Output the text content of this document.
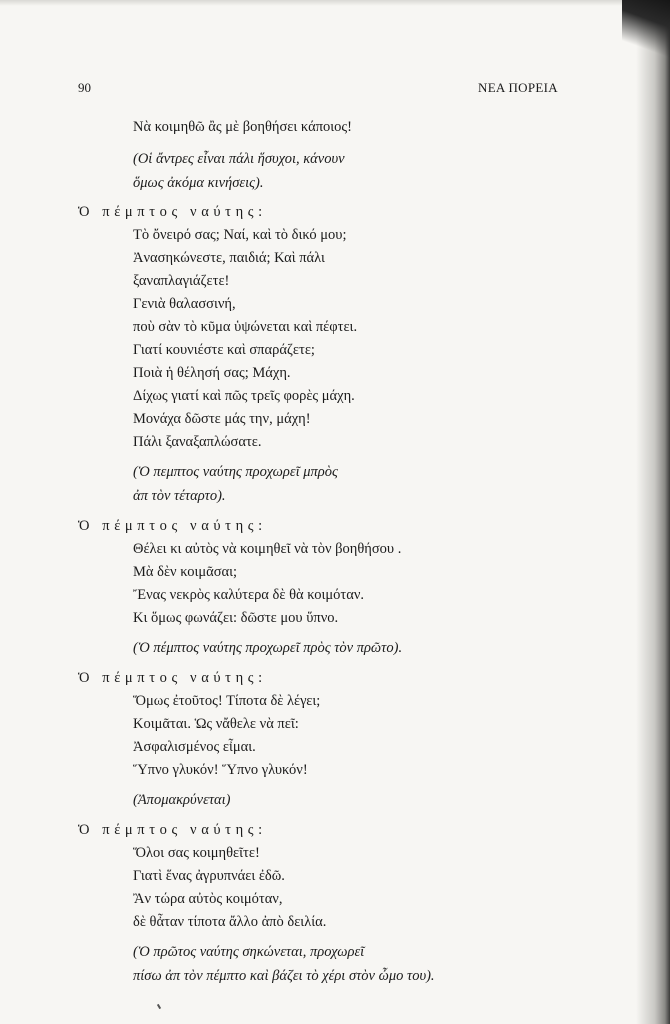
90	ΝΕΑ ΠΟΡΕΙΑ
Νὰ κοιμηθῶ ἂς μὲ βοηθήσει κάποιος!
(Οἱ ἄντρες εἶναι πάλι ἥσυχοι, κάνουν
ὅμως ἀκόμα κινήσεις).
Ὁ πέμπτος ναύτης:
Τὸ ὄνειρό σας; Ναί, καὶ τὸ δικό μου;
Ἀνασηκώνεστε, παιδιά; Καὶ πάλι
ξαναπλαγιάζετε!
Γενιὰ θαλασσινή,
ποὺ σὰν τὸ κῦμα ὑψώνεται καὶ πέφτει.
Γιατί κουνιέστε καὶ σπαράζετε;
Ποιὰ ἡ θέλησή σας; Μάχη.
Δίχως γιατί καὶ πῶς τρεῖς φορὲς μάχη.
Μονάχα δῶστε μάς την, μάχη!
Πάλι ξαναξαπλώσατε.
(Ὁ πεμπτος ναύτης προχωρεῖ μπρὸς
ἀπ τὸν τέταρτο).
Ὁ πέμπτος ναύτης:
Θέλει κι αὐτὸς νὰ κοιμηθεῖ νὰ τὸν βοηθήσου .
Μὰ δὲν κοιμᾶσαι;
Ἔνας νεκρὸς καλύτερα δὲ θὰ κοιμόταν.
Κι ὅμως φωνάζει: δῶστε μου ὕπνο.
(Ὁ πέμπτος ναύτης προχωρεῖ πρὸς τὸν πρῶτο).
Ὁ πέμπτος ναύτης:
Ὅμως ἐτοῦτος! Τίποτα δὲ λέγει;
Κοιμᾶται. Ὡς νἄθελε νὰ πεῖ:
Ἀσφαλισμένος εἶμαι.
Ὕπνο γλυκόν! Ὕπνο γλυκόν!
(Ἀπομακρύνεται)
Ὁ πέμπτος ναύτης:
Ὅλοι σας κοιμηθεῖτε!
Γιατὶ ἕνας ἀγρυπνάει ἐδῶ.
Ἂν τώρα αὐτὸς κοιμόταν,
δὲ θἆταν τίποτα ἄλλο ἀπὸ δειλία.
(Ὁ πρῶτος ναύτης σηκώνεται, προχωρεῖ
πίσω ἀπ τὸν πέμπτο καὶ βάζει τὸ χέρι στὸν ὦμο του).
